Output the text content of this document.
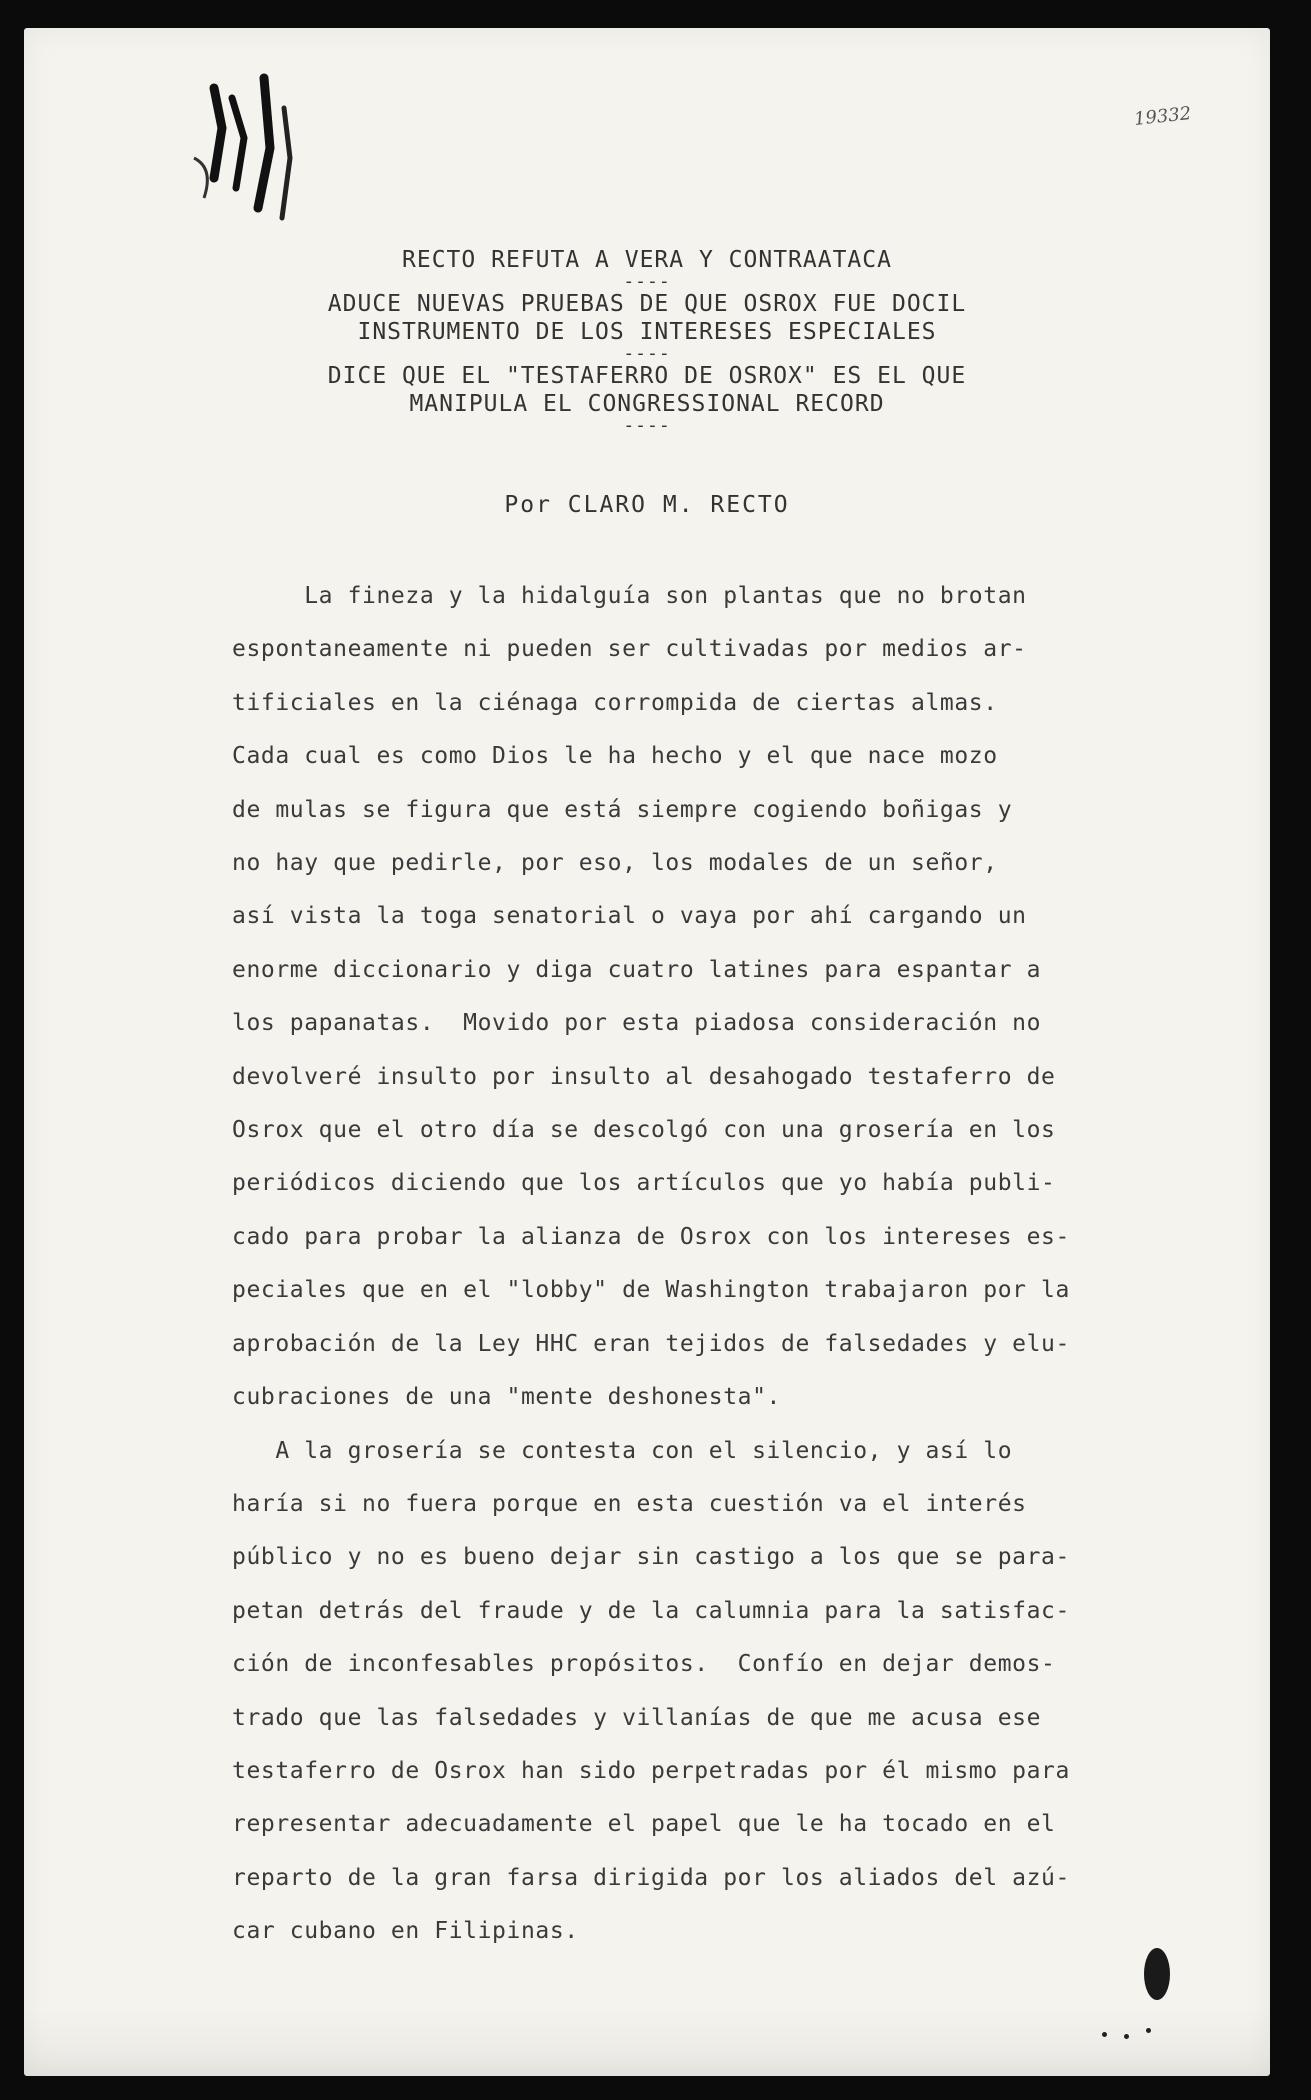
19332
RECTO REFUTA A VERA Y CONTRAATACA
----
ADUCE NUEVAS PRUEBAS DE QUE OSROX FUE DOCIL
INSTRUMENTO DE LOS INTERESES ESPECIALES
----
DICE QUE EL "TESTAFERRO DE OSROX" ES EL QUE
MANIPULA EL CONGRESSIONAL RECORD
----
Por CLARO M. RECTO
La fineza y la hidalguía son plantas que no brotan
espontaneamente ni pueden ser cultivadas por medios ar-
tificiales en la ciénaga corrompida de ciertas almas.
Cada cual es como Dios le ha hecho y el que nace mozo
de mulas se figura que está siempre cogiendo boñigas y
no hay que pedirle, por eso, los modales de un señor,
así vista la toga senatorial o vaya por ahí cargando un
enorme diccionario y diga cuatro latines para espantar a
los papanatas.  Movido por esta piadosa consideración no
devolveré insulto por insulto al desahogado testaferro de
Osrox que el otro día se descolgó con una grosería en los
periódicos diciendo que los artículos que yo había publi-
cado para probar la alianza de Osrox con los intereses es-
peciales que en el "lobby" de Washington trabajaron por la
aprobación de la Ley HHC eran tejidos de falsedades y elu-
cubraciones de una "mente deshonesta".
A la grosería se contesta con el silencio, y así lo
haría si no fuera porque en esta cuestión va el interés
público y no es bueno dejar sin castigo a los que se para-
petan detrás del fraude y de la calumnia para la satisfac-
ción de inconfesables propósitos.  Confío en dejar demos-
trado que las falsedades y villanías de que me acusa ese
testaferro de Osrox han sido perpetradas por él mismo para
representar adecuadamente el papel que le ha tocado en el
reparto de la gran farsa dirigida por los aliados del azú-
car cubano en Filipinas.
